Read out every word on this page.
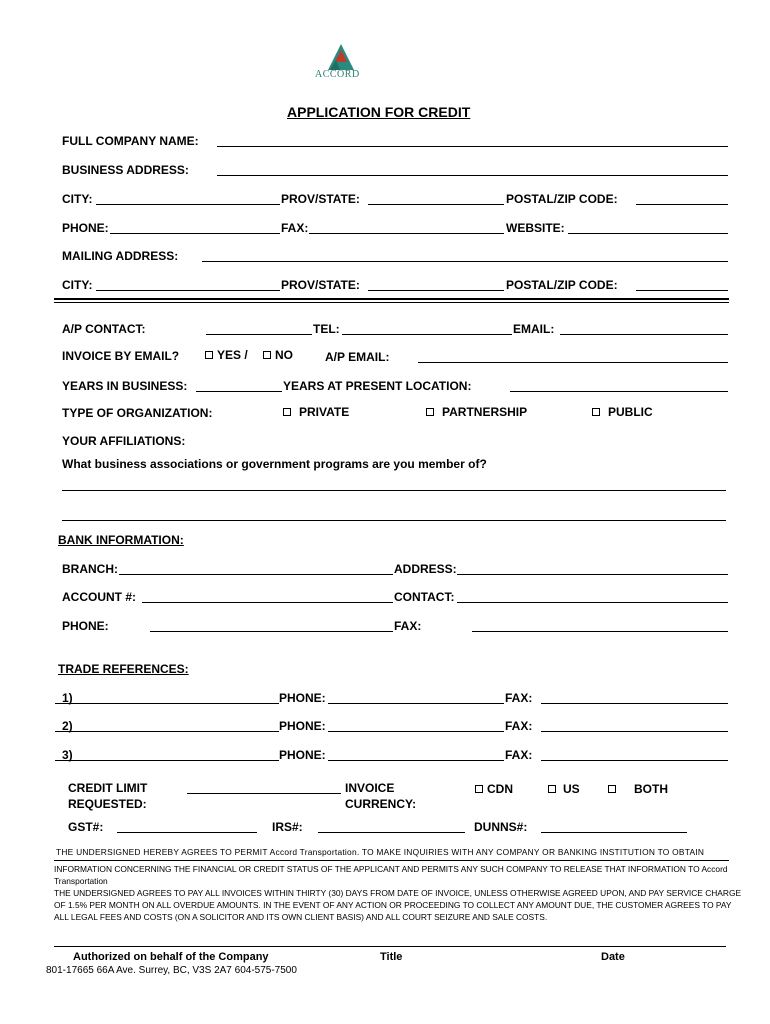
ACCORD
APPLICATION FOR CREDIT
FULL COMPANY NAME:
BUSINESS ADDRESS:
CITY:	PROV/STATE:	POSTAL/ZIP CODE:
PHONE:	FAX:	WEBSITE:
MAILING ADDRESS:
CITY:	PROV/STATE:	POSTAL/ZIP CODE:
A/P CONTACT:	TEL:	EMAIL:
INVOICE BY EMAIL?	YES /	NO	A/P EMAIL:
YEARS IN BUSINESS:	YEARS AT PRESENT LOCATION:
TYPE OF ORGANIZATION:	PRIVATE	PARTNERSHIP	PUBLIC
YOUR AFFILIATIONS:
What business associations or government programs are you member of?
BANK INFORMATION:
BRANCH:	ADDRESS:
ACCOUNT #:	CONTACT:
PHONE:	FAX:
TRADE REFERENCES:
1)	PHONE:	FAX:
2)	PHONE:	FAX:
3)	PHONE:	FAX:
CREDIT LIMIT
REQUESTED:
INVOICE
CURRENCY:
CDN	US	BOTH
GST#:	IRS#:	DUNNS#:
THE UNDERSIGNED HEREBY AGREES TO PERMIT Accord Transportation. TO MAKE INQUIRIES WITH ANY COMPANY OR BANKING INSTITUTION TO OBTAIN
INFORMATION CONCERNING THE FINANCIAL OR CREDIT STATUS OF THE APPLICANT AND PERMITS ANY SUCH COMPANY TO RELEASE THAT INFORMATION TO Accord
Transportation
THE UNDERSIGNED AGREES TO PAY ALL INVOICES WITHIN THIRTY (30) DAYS FROM DATE OF INVOICE, UNLESS OTHERWISE AGREED UPON, AND PAY SERVICE CHARGE
OF 1.5% PER MONTH ON ALL OVERDUE AMOUNTS. IN THE EVENT OF ANY ACTION OR PROCEEDING TO COLLECT ANY AMOUNT DUE, THE CUSTOMER AGREES TO PAY
ALL LEGAL FEES AND COSTS (ON A SOLICITOR AND ITS OWN CLIENT BASIS) AND ALL COURT SEIZURE AND SALE COSTS.
Authorized on behalf of the Company	Title	Date
801-17665 66A Ave. Surrey, BC, V3S 2A7 604-575-7500
